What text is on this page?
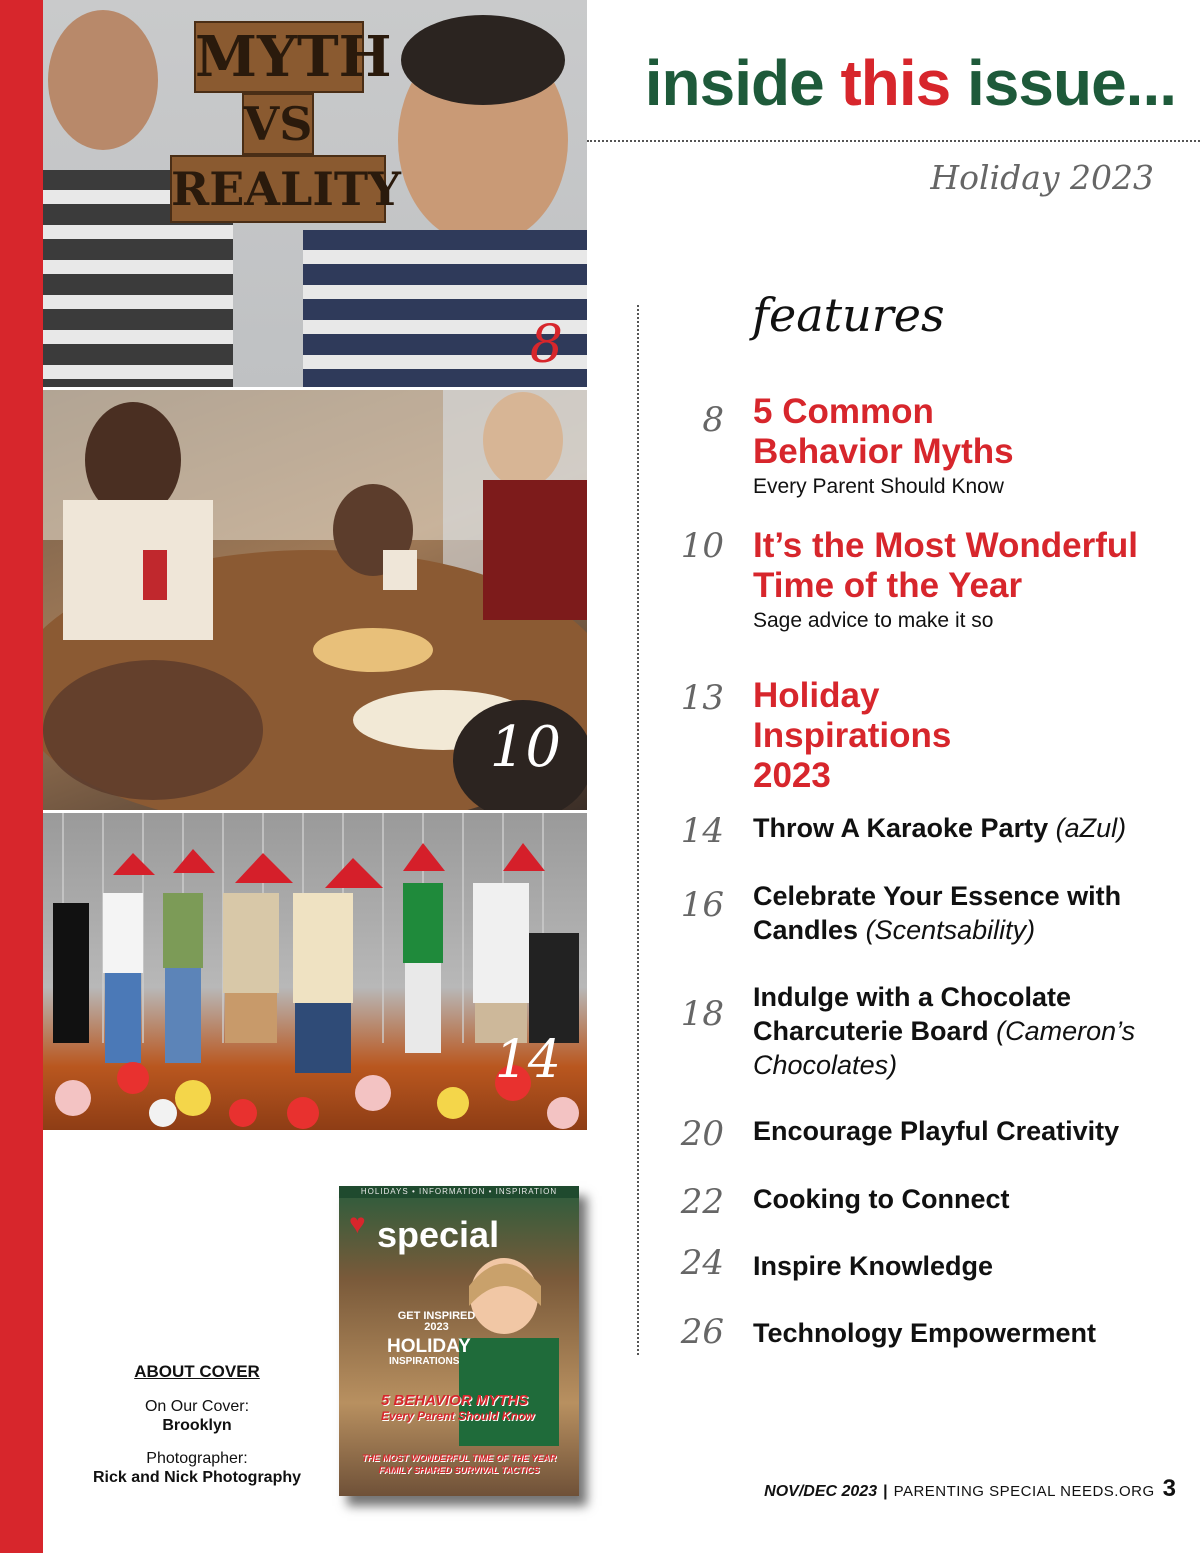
MYTH
VS
REALITY
8
10
14
inside this issue...
Holiday 2023
features
8 5 Common Behavior Myths
Every Parent Should Know
10 It’s the Most Wonderful Time of the Year
Sage advice to make it so
13 Holiday Inspirations 2023
14 Throw A Karaoke Party (aZul)
16 Celebrate Your Essence with Candles (Scentsability)
18 Indulge with a Chocolate Charcuterie Board (Cameron’s Chocolates)
20 Encourage Playful Creativity
22 Cooking to Connect
24 Inspire Knowledge
26 Technology Empowerment
ABOUT COVER
On Our Cover:
Brooklyn
Photographer:
Rick and Nick Photography
HOLIDAYS • INFORMATION • INSPIRATION
♥ special
GET INSPIRED 2023
HOLIDAY
INSPIRATIONS
5 BEHAVIOR MYTHS
Every Parent Should Know
THE MOST WONDERFUL TIME OF THE YEAR FAMILY SHARED SURVIVAL TACTICS
NOV/DEC 2023 | PARENTING SPECIAL NEEDS.ORG 3
